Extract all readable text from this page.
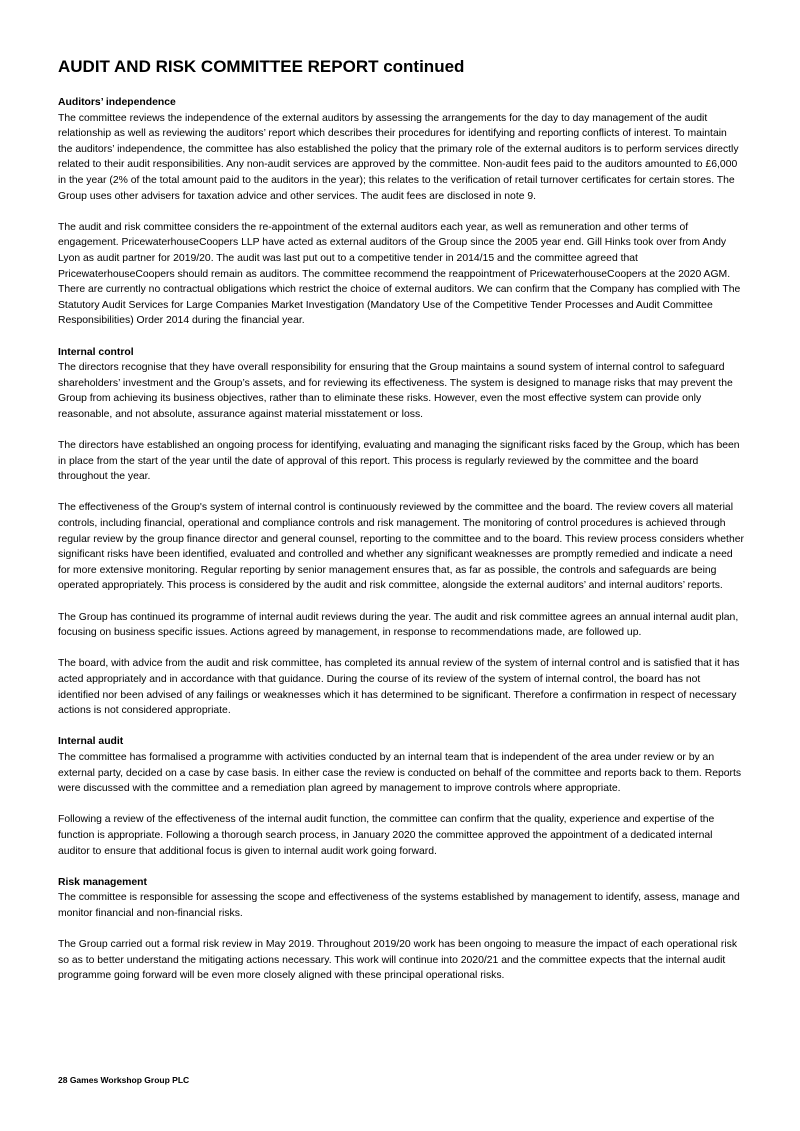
AUDIT AND RISK COMMITTEE REPORT continued
Auditors’ independence

The committee reviews the independence of the external auditors by assessing the arrangements for the day to day management of the audit relationship as well as reviewing the auditors’ report which describes their procedures for identifying and reporting conflicts of interest. To maintain the auditors’ independence, the committee has also established the policy that the primary role of the external auditors is to perform services directly related to their audit responsibilities. Any non-audit services are approved by the committee. Non-audit fees paid to the auditors amounted to £6,000 in the year (2% of the total amount paid to the auditors in the year); this relates to the verification of retail turnover certificates for certain stores. The Group uses other advisers for taxation advice and other services. The audit fees are disclosed in note 9.

The audit and risk committee considers the re-appointment of the external auditors each year, as well as remuneration and other terms of engagement. PricewaterhouseCoopers LLP have acted as external auditors of the Group since the 2005 year end. Gill Hinks took over from Andy Lyon as audit partner for 2019/20. The audit was last put out to a competitive tender in 2014/15 and the committee agreed that PricewaterhouseCoopers should remain as auditors. The committee recommend the reappointment of PricewaterhouseCoopers at the 2020 AGM. There are currently no contractual obligations which restrict the choice of external auditors. We can confirm that the Company has complied with The Statutory Audit Services for Large Companies Market Investigation (Mandatory Use of the Competitive Tender Processes and Audit Committee Responsibilities) Order 2014 during the financial year.

Internal control

The directors recognise that they have overall responsibility for ensuring that the Group maintains a sound system of internal control to safeguard shareholders’ investment and the Group’s assets, and for reviewing its effectiveness. The system is designed to manage risks that may prevent the Group from achieving its business objectives, rather than to eliminate these risks. However, even the most effective system can provide only reasonable, and not absolute, assurance against material misstatement or loss.

The directors have established an ongoing process for identifying, evaluating and managing the significant risks faced by the Group, which has been in place from the start of the year until the date of approval of this report. This process is regularly reviewed by the committee and the board throughout the year.

The effectiveness of the Group's system of internal control is continuously reviewed by the committee and the board. The review covers all material controls, including financial, operational and compliance controls and risk management. The monitoring of control procedures is achieved through regular review by the group finance director and general counsel, reporting to the committee and to the board. This review process considers whether significant risks have been identified, evaluated and controlled and whether any significant weaknesses are promptly remedied and indicate a need for more extensive monitoring. Regular reporting by senior management ensures that, as far as possible, the controls and safeguards are being operated appropriately. This process is considered by the audit and risk committee, alongside the external auditors’ and internal auditors’ reports.

The Group has continued its programme of internal audit reviews during the year. The audit and risk committee agrees an annual internal audit plan, focusing on business specific issues. Actions agreed by management, in response to recommendations made, are followed up.

The board, with advice from the audit and risk committee, has completed its annual review of the system of internal control and is satisfied that it has acted appropriately and in accordance with that guidance. During the course of its review of the system of internal control, the board has not identified nor been advised of any failings or weaknesses which it has determined to be significant. Therefore a confirmation in respect of necessary actions is not considered appropriate.

Internal audit

The committee has formalised a programme with activities conducted by an internal team that is independent of the area under review or by an external party, decided on a case by case basis. In either case the review is conducted on behalf of the committee and reports back to them. Reports were discussed with the committee and a remediation plan agreed by management to improve controls where appropriate.

Following a review of the effectiveness of the internal audit function, the committee can confirm that the quality, experience and expertise of the function is appropriate. Following a thorough search process, in January 2020 the committee approved the appointment of a dedicated internal auditor to ensure that additional focus is given to internal audit work going forward.

Risk management

The committee is responsible for assessing the scope and effectiveness of the systems established by management to identify, assess, manage and monitor financial and non-financial risks.

The Group carried out a formal risk review in May 2019. Throughout 2019/20 work has been ongoing to measure the impact of each operational risk so as to better understand the mitigating actions necessary. This work will continue into 2020/21 and the committee expects that the internal audit programme going forward will be even more closely aligned with these principal operational risks.

28 Games Workshop Group PLC
